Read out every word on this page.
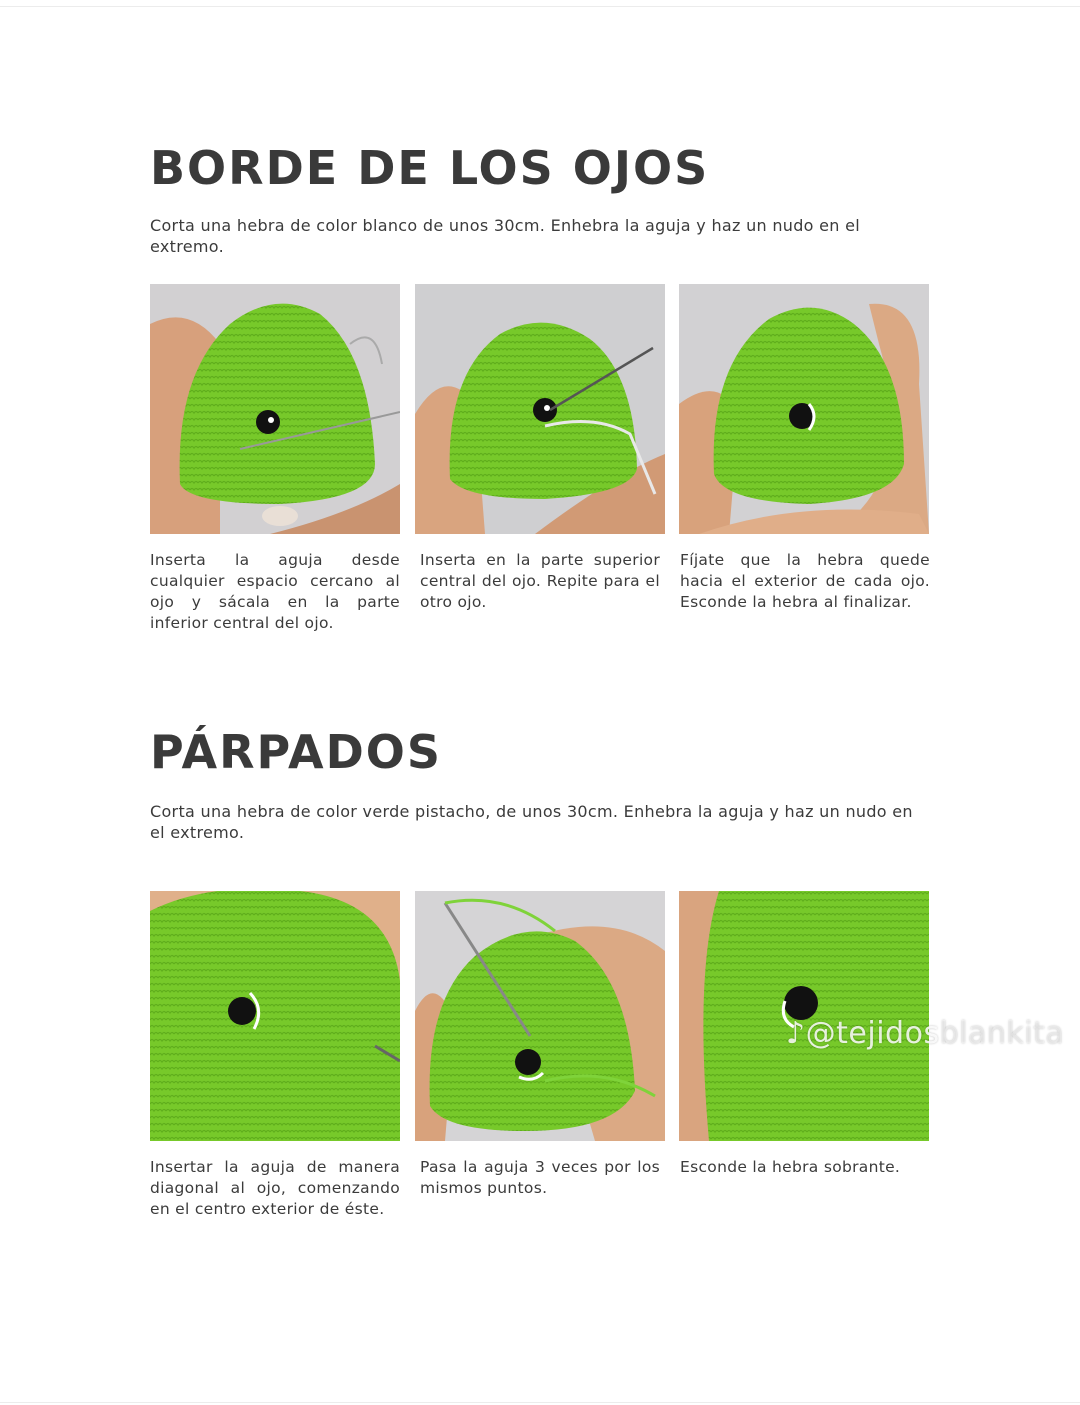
BORDE DE LOS OJOS

Corta una hebra de color blanco de unos 30cm. Enhebra la aguja y haz un nudo en el extremo.

Inserta la aguja desde cualquier espacio cercano al ojo y sácala en la parte inferior central del ojo.

Inserta en la parte superior central del ojo. Repite para el otro ojo.

Fíjate que la hebra quede hacia el exterior de cada ojo. Esconde la hebra al finalizar.

PÁRPADOS

Corta una hebra de color verde pistacho, de unos 30cm. Enhebra la aguja y haz un nudo en el extremo.

Insertar la aguja de manera diagonal al ojo, comenzando en el centro exterior de éste.

Pasa la aguja 3 veces por los mismos puntos.

Esconde la hebra sobrante.

♪@tejidosblankita
